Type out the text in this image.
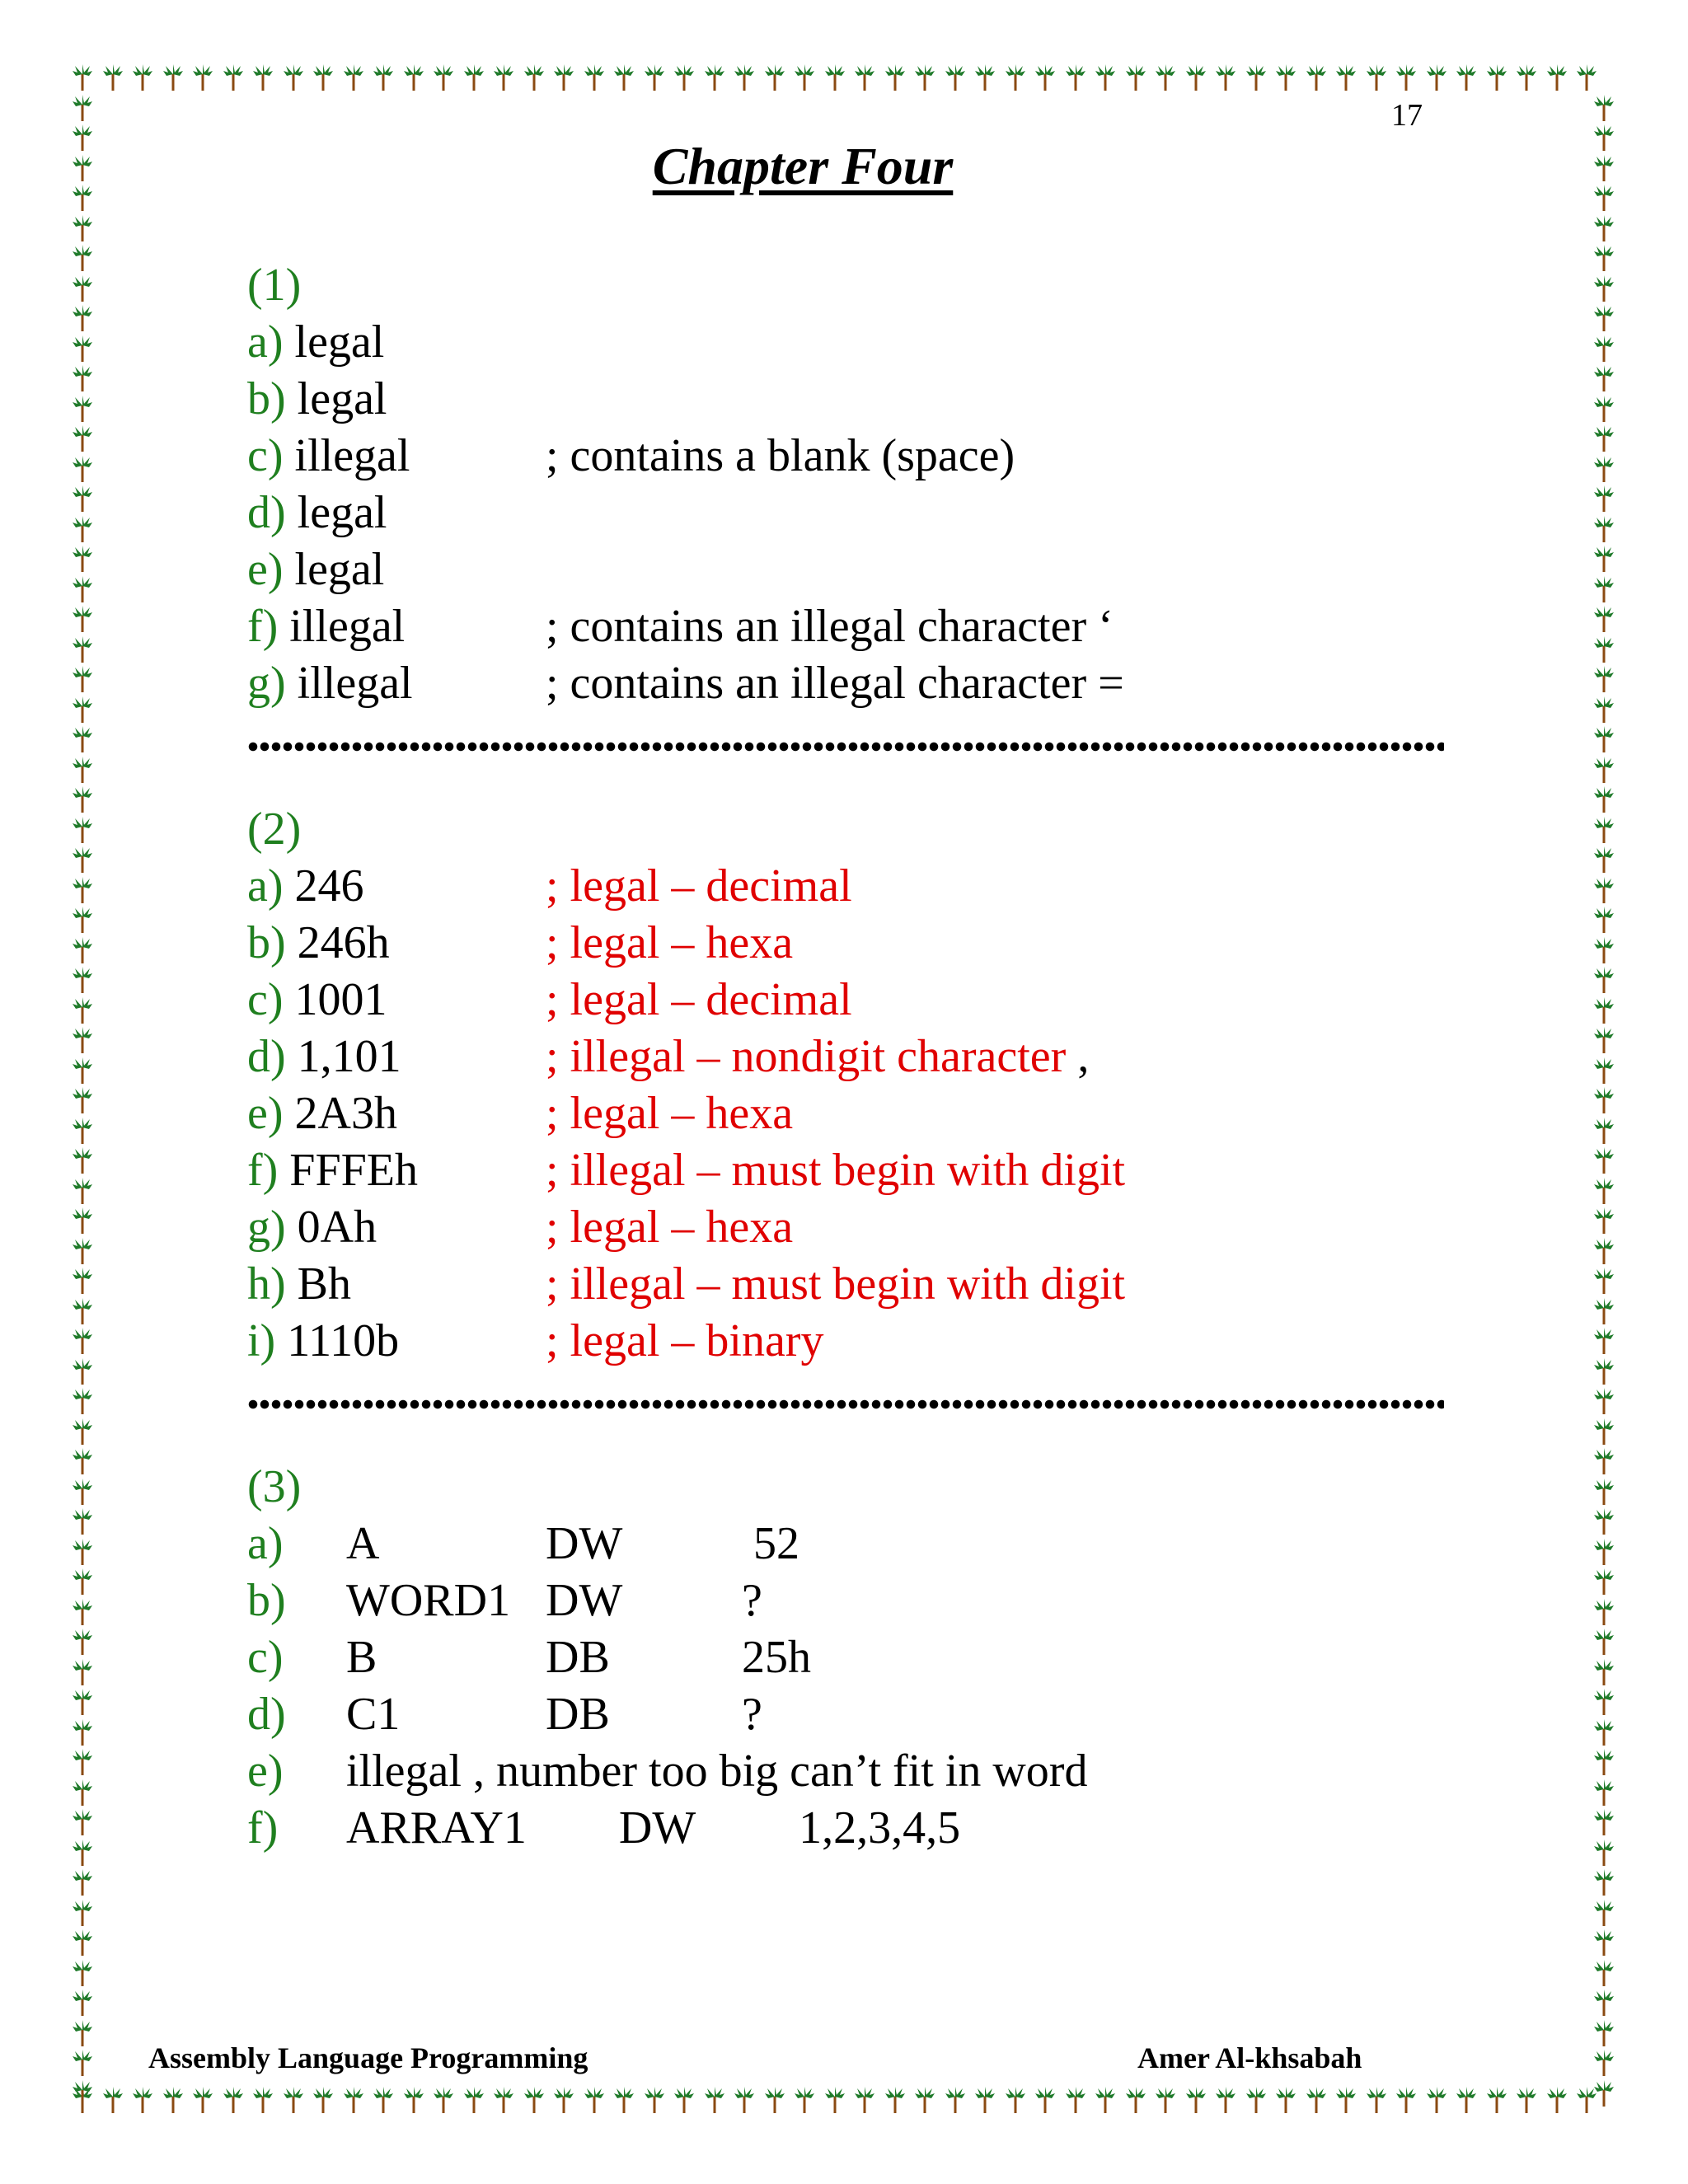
17
Chapter Four
(1)
a) legal
b) legal
c) illegal	; contains a blank (space)
d) legal
e) legal
f) illegal	; contains an illegal character ‘
g) illegal	; contains an illegal character =
(2)
a) 246	; legal – decimal
b) 246h	; legal – hexa
c) 1001	; legal – decimal
d) 1,101	; illegal – nondigit character ,
e) 2A3h	; legal – hexa
f) FFFEh	; illegal – must begin with digit
g) 0Ah	; legal – hexa
h) Bh	; illegal – must begin with digit
i) 1110b	; legal – binary
(3)
a) A	DW	52
b) WORD1 DW	?
c) B	DB	25h
d) C1	DB	?
e) illegal , number too big can’t fit in word
f) ARRAY1        DW         1,2,3,4,5
Assembly Language Programming	Amer Al-khsabah
